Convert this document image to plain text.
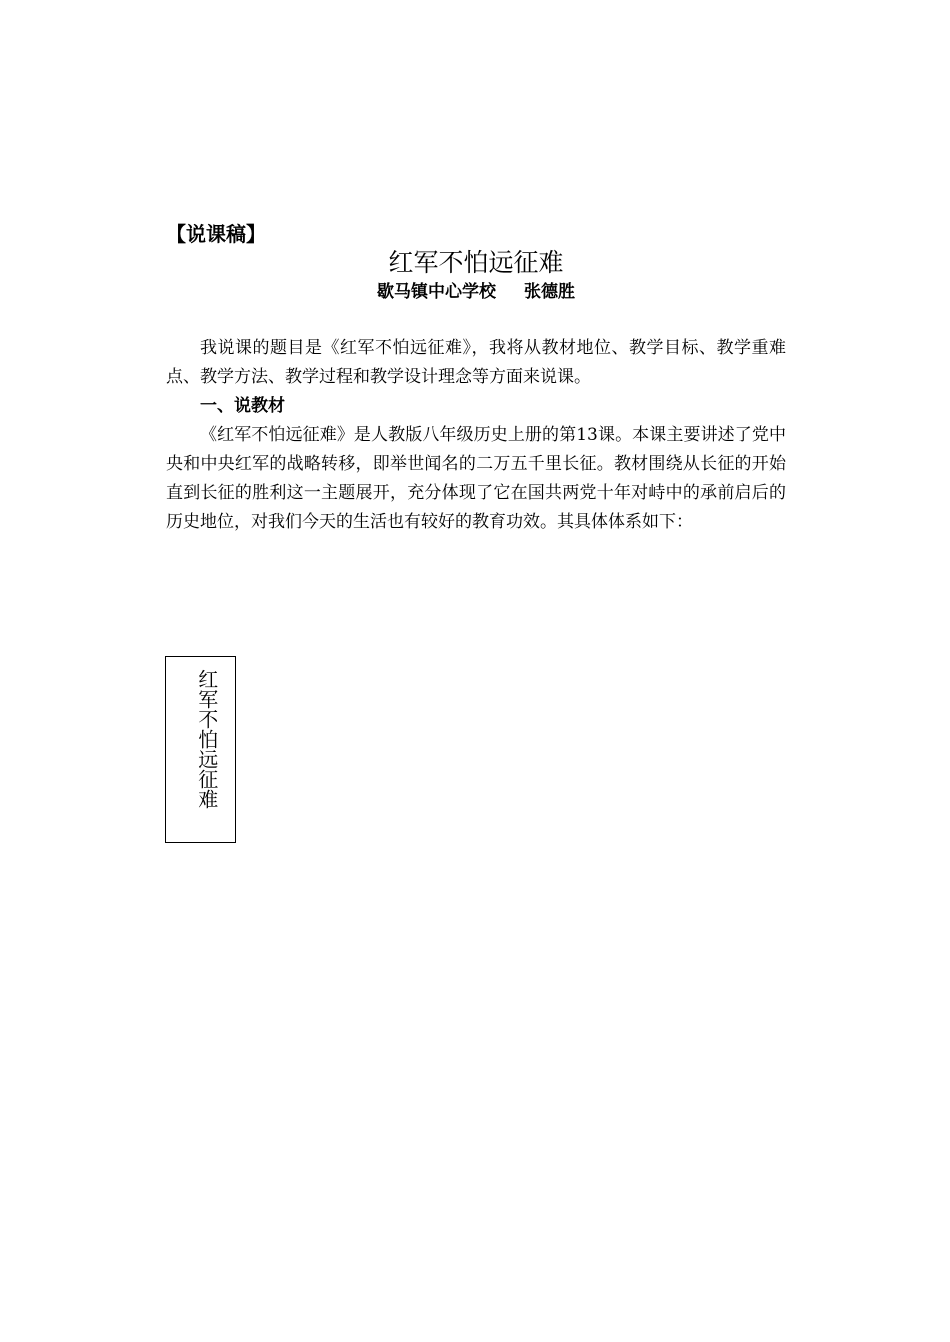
【说课稿】
红军不怕远征难
歇马镇中心学校 张德胜

我说课的题目是《红军不怕远征难》，我将从教材地位、教学目标、教学重难点、教学方法、教学过程和教学设计理念等方面来说课。

一、说教材

《红军不怕远征难》是人教版八年级历史上册的第13课。本课主要讲述了党中央和中央红军的战略转移，即举世闻名的二万五千里长征。教材围绕从长征的开始直到长征的胜利这一主题展开，充分体现了它在国共两党十年对峙中的承前启后的历史地位，对我们今天的生活也有较好的教育功效。其具体体系如下：

红军不怕远征难
